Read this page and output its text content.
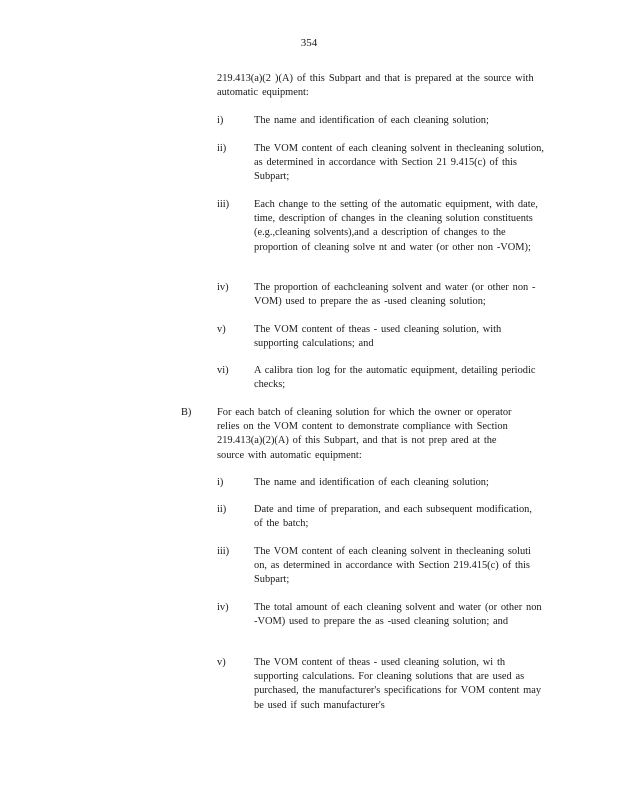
354
219.413(a)(2 )(A) of this Subpart and that is prepared at the source with automatic equipment:
i)	The name and identification of each cleaning solution;
ii)	The VOM content of each cleaning solvent in thecleaning solution, as determined in accordance with Section 21 9.415(c) of this Subpart;
iii) Each change to the setting of the automatic equipment, with date, time, description of changes in the cleaning solution constituents (e.g.,cleaning solvents),and a description of changes to the proportion of cleaning solve nt and water (or other non -VOM);
iv) The proportion of eachcleaning solvent and water (or other non -VOM) used to prepare the as -used cleaning solution;
v)	The VOM content of theas - used cleaning solution, with supporting calculations; and
vi) A calibra tion log for the automatic equipment, detailing periodic checks;
B) For each batch of cleaning solution for which the owner or operator relies on the VOM content to demonstrate compliance with Section 219.413(a)(2)(A) of this Subpart, and that is not prep ared at the source with automatic equipment:
i)	The name and identification of each cleaning solution;
ii)	Date and time of preparation, and each subsequent modification, of the batch;
iii) The VOM content of each cleaning solvent in thecleaning soluti on, as determined in accordance with Section 219.415(c) of this Subpart;
iv) The total amount of each cleaning solvent and water (or other non -VOM) used to prepare the as -used cleaning solution; and
v)	The VOM content of theas - used cleaning solution, wi th supporting calculations. For cleaning solutions that are used as purchased, the manufacturer's specifications for VOM content may be used if such manufacturer's
